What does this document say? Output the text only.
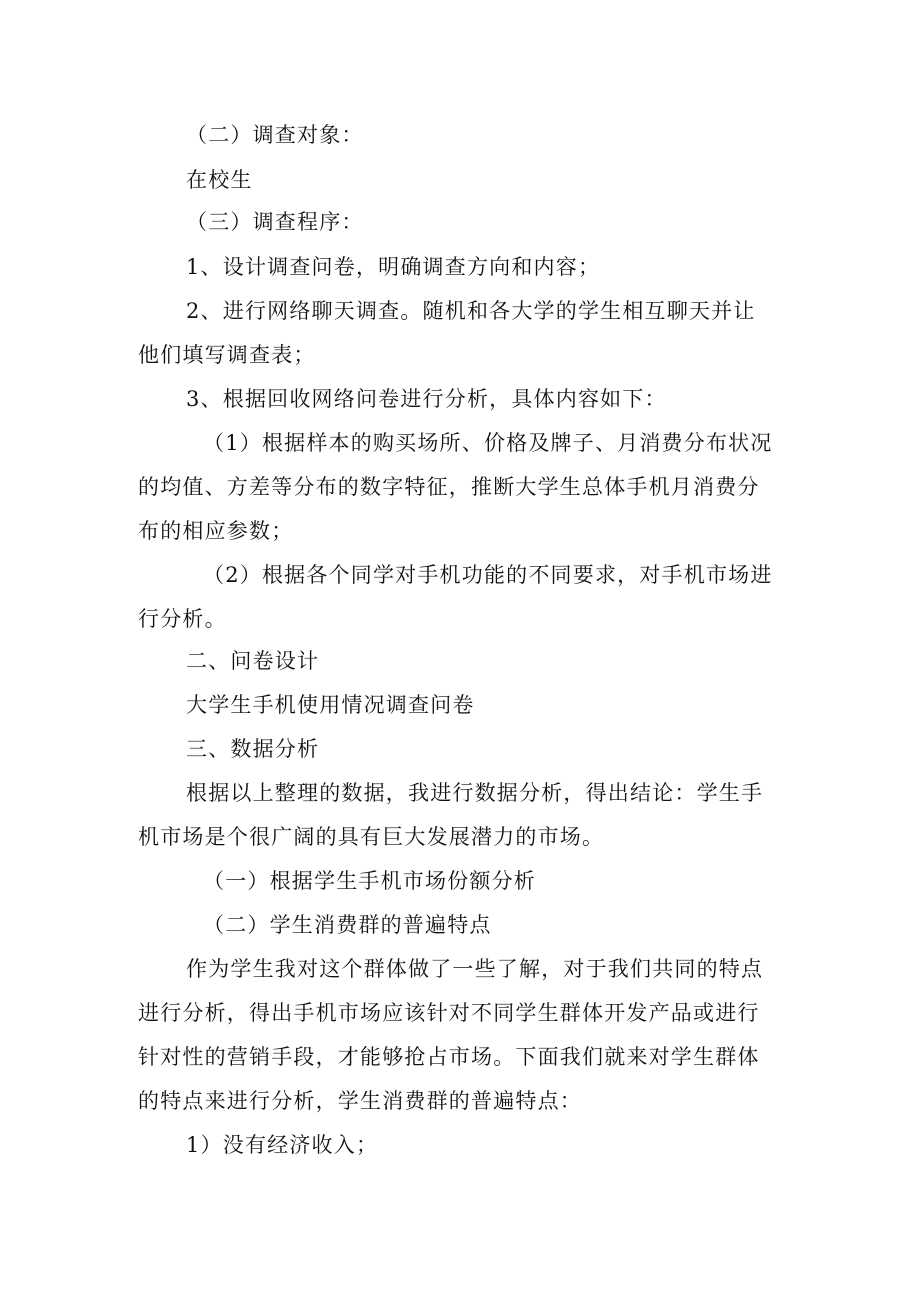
（二）调查对象：
在校生
（三）调查程序：
1、设计调查问卷，明确调查方向和内容；
2、进行网络聊天调查。随机和各大学的学生相互聊天并让
他们填写调查表；
3、根据回收网络问卷进行分析，具体内容如下：
（1）根据样本的购买场所、价格及牌子、月消费分布状况
的均值、方差等分布的数字特征，推断大学生总体手机月消费分
布的相应参数；
（2）根据各个同学对手机功能的不同要求，对手机市场进
行分析。
二、问卷设计
大学生手机使用情况调查问卷
三、数据分析
根据以上整理的数据，我进行数据分析，得出结论：学生手
机市场是个很广阔的具有巨大发展潜力的市场。
（一）根据学生手机市场份额分析
（二）学生消费群的普遍特点
作为学生我对这个群体做了一些了解，对于我们共同的特点
进行分析，得出手机市场应该针对不同学生群体开发产品或进行
针对性的营销手段，才能够抢占市场。下面我们就来对学生群体
的特点来进行分析，学生消费群的普遍特点：
1）没有经济收入；
